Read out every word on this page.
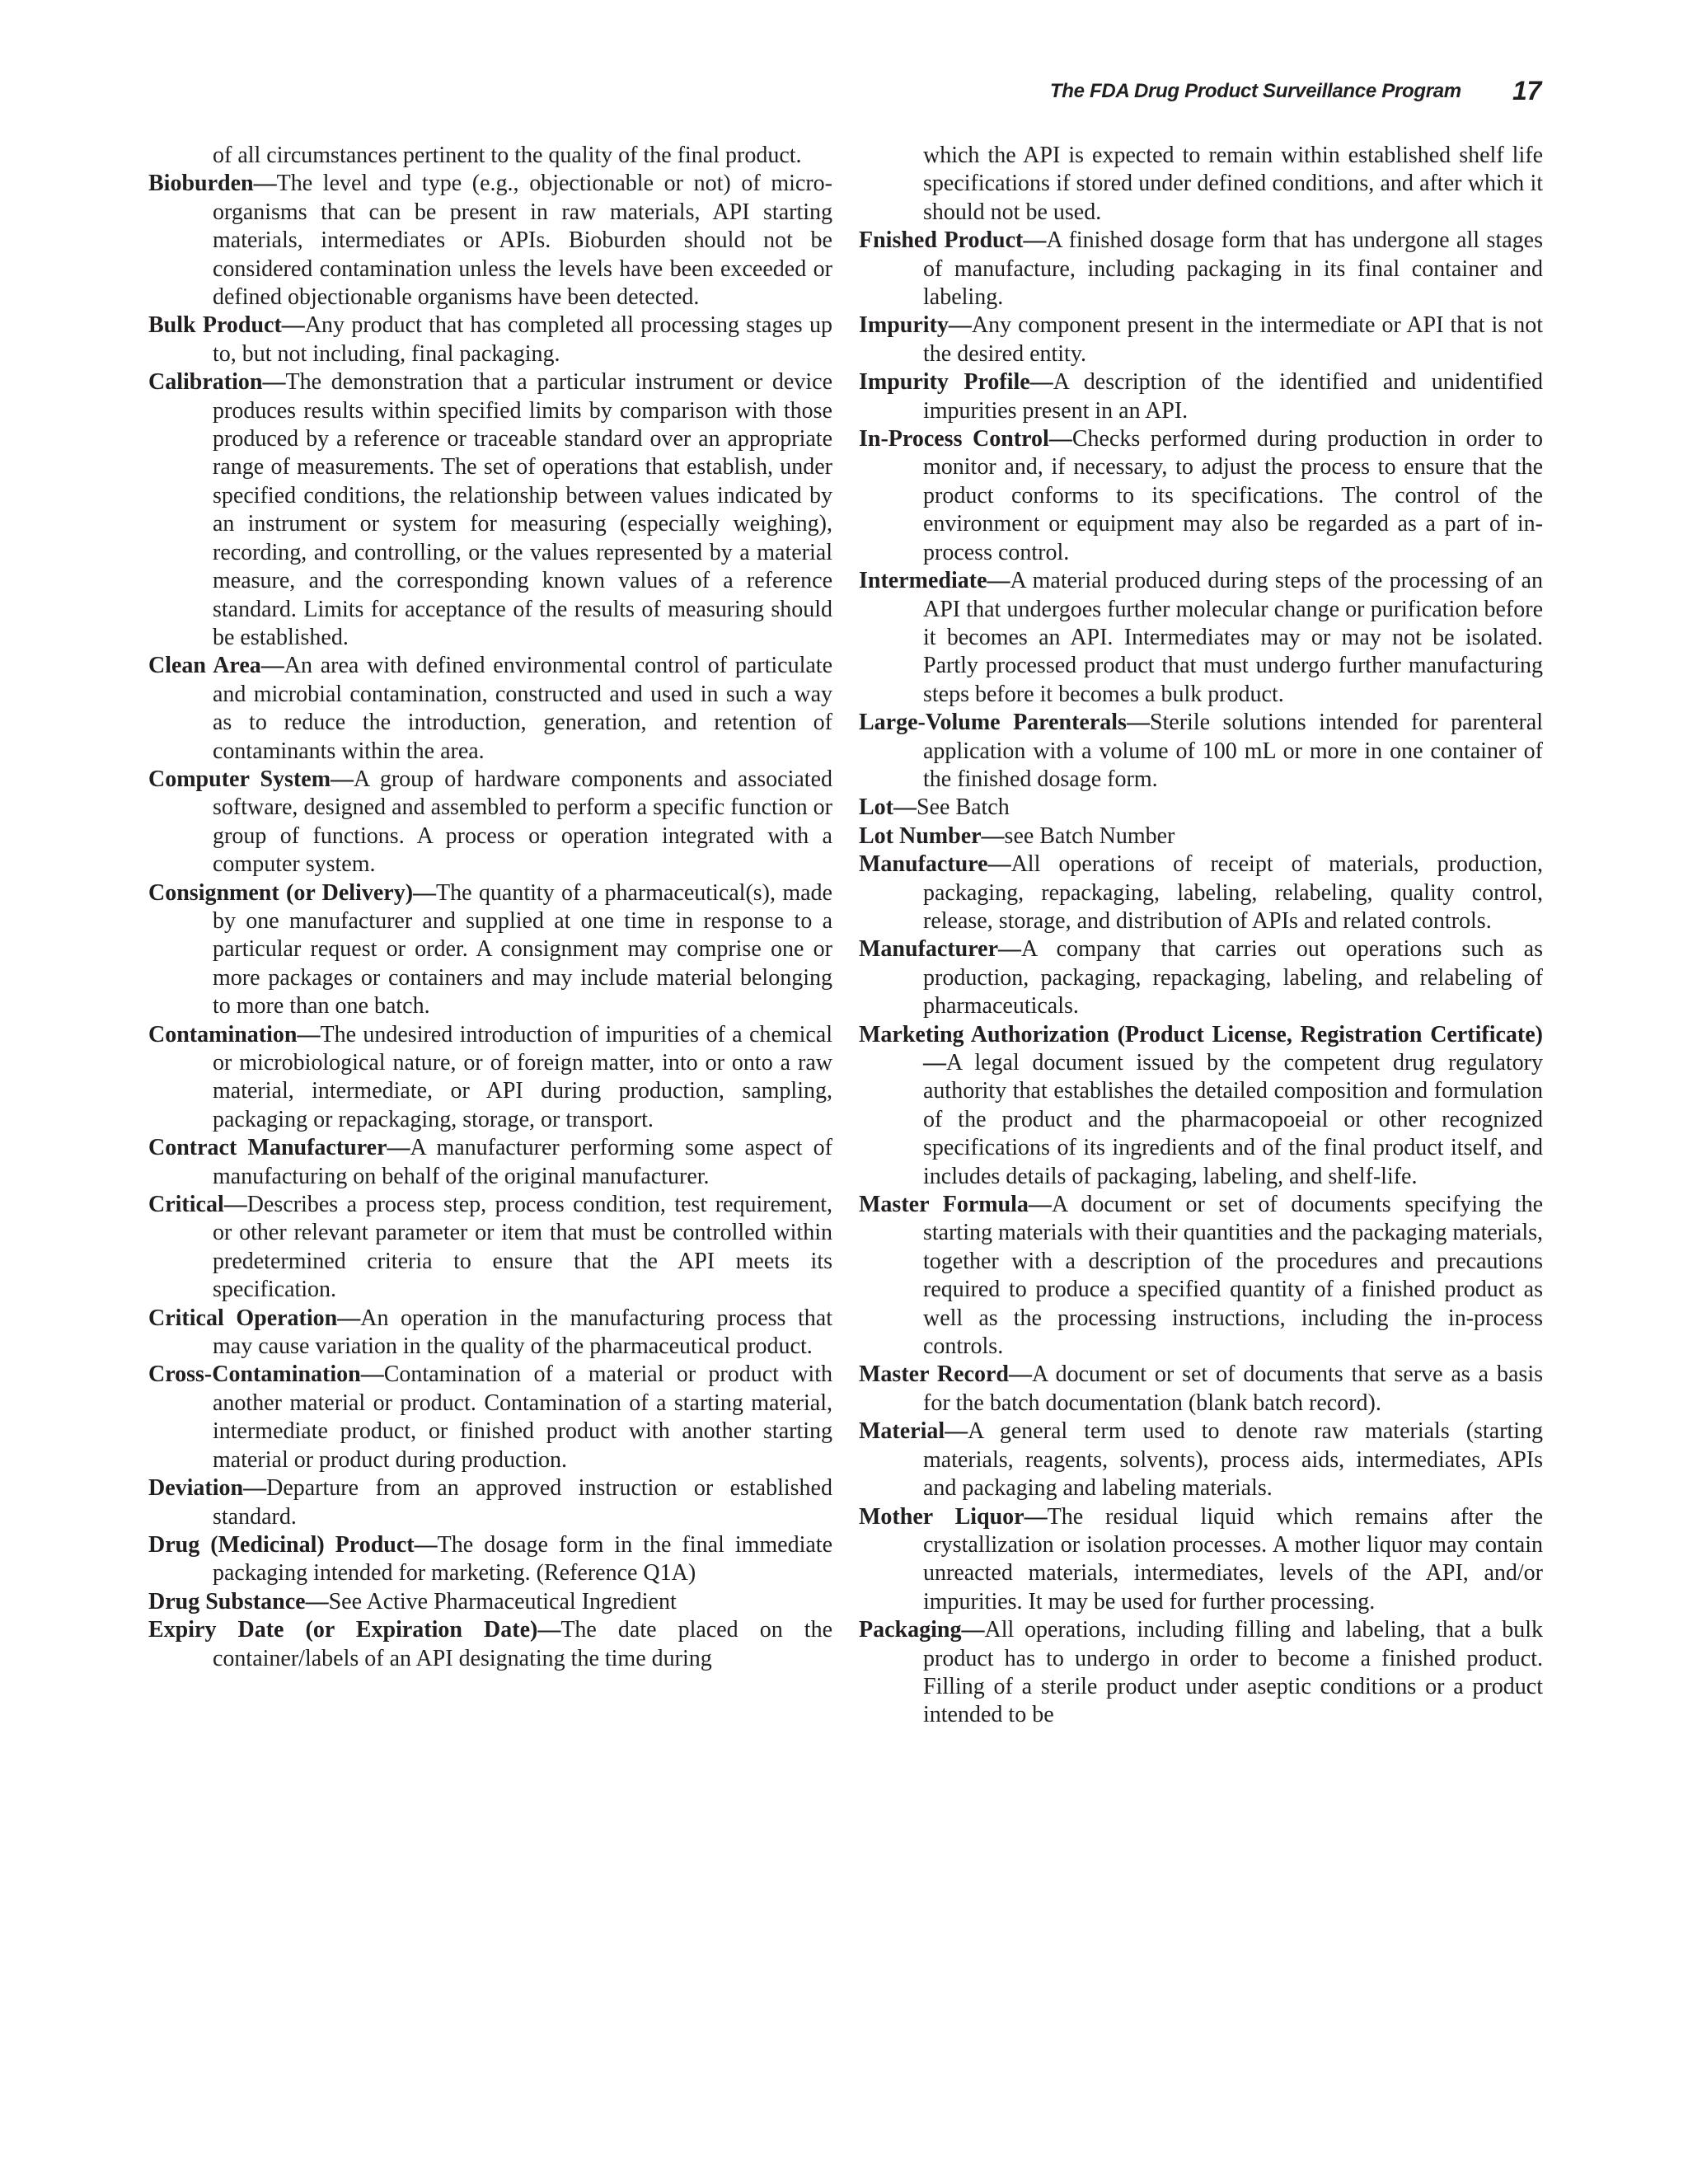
The FDA Drug Product Surveillance Program 17

of all circumstances pertinent to the quality of the final product.

Bioburden—The level and type (e.g., objectionable or not) of micro-organisms that can be present in raw materials, API starting materials, intermediates or APIs. Bioburden should not be considered contamination unless the levels have been exceeded or defined objectionable organisms have been detected.

Bulk Product—Any product that has completed all processing stages up to, but not including, final packaging.

Calibration—The demonstration that a particular instrument or device produces results within specified limits by comparison with those produced by a reference or traceable standard over an appropriate range of measurements. The set of operations that establish, under specified conditions, the relationship between values indicated by an instrument or system for measuring (especially weighing), recording, and controlling, or the values represented by a material measure, and the corresponding known values of a reference standard. Limits for acceptance of the results of measuring should be established.

Clean Area—An area with defined environmental control of particulate and microbial contamination, constructed and used in such a way as to reduce the introduction, generation, and retention of contaminants within the area.

Computer System—A group of hardware components and associated software, designed and assembled to perform a specific function or group of functions. A process or operation integrated with a computer system.

Consignment (or Delivery)—The quantity of a pharmaceutical(s), made by one manufacturer and supplied at one time in response to a particular request or order. A consignment may comprise one or more packages or containers and may include material belonging to more than one batch.

Contamination—The undesired introduction of impurities of a chemical or microbiological nature, or of foreign matter, into or onto a raw material, intermediate, or API during production, sampling, packaging or repackaging, storage, or transport.

Contract Manufacturer—A manufacturer performing some aspect of manufacturing on behalf of the original manufacturer.

Critical—Describes a process step, process condition, test requirement, or other relevant parameter or item that must be controlled within predetermined criteria to ensure that the API meets its specification.

Critical Operation—An operation in the manufacturing process that may cause variation in the quality of the pharmaceutical product.

Cross-Contamination—Contamination of a material or product with another material or product. Contamination of a starting material, intermediate product, or finished product with another starting material or product during production.

Deviation—Departure from an approved instruction or established standard.

Drug (Medicinal) Product—The dosage form in the final immediate packaging intended for marketing. (Reference Q1A)

Drug Substance—See Active Pharmaceutical Ingredient

Expiry Date (or Expiration Date)—The date placed on the container/labels of an API designating the time during

which the API is expected to remain within established shelf life specifications if stored under defined conditions, and after which it should not be used.

Fnished Product—A finished dosage form that has undergone all stages of manufacture, including packaging in its final container and labeling.

Impurity—Any component present in the intermediate or API that is not the desired entity.

Impurity Profile—A description of the identified and unidentified impurities present in an API.

In-Process Control—Checks performed during production in order to monitor and, if necessary, to adjust the process to ensure that the product conforms to its specifications. The control of the environment or equipment may also be regarded as a part of in-process control.

Intermediate—A material produced during steps of the processing of an API that undergoes further molecular change or purification before it becomes an API. Intermediates may or may not be isolated. Partly processed product that must undergo further manufacturing steps before it becomes a bulk product.

Large-Volume Parenterals—Sterile solutions intended for parenteral application with a volume of 100 mL or more in one container of the finished dosage form.

Lot—See Batch

Lot Number—see Batch Number

Manufacture—All operations of receipt of materials, production, packaging, repackaging, labeling, relabeling, quality control, release, storage, and distribution of APIs and related controls.

Manufacturer—A company that carries out operations such as production, packaging, repackaging, labeling, and relabeling of pharmaceuticals.

Marketing Authorization (Product License, Registration Certificate)—A legal document issued by the competent drug regulatory authority that establishes the detailed composition and formulation of the product and the pharmacopoeial or other recognized specifications of its ingredients and of the final product itself, and includes details of packaging, labeling, and shelf-life.

Master Formula—A document or set of documents specifying the starting materials with their quantities and the packaging materials, together with a description of the procedures and precautions required to produce a specified quantity of a finished product as well as the processing instructions, including the in-process controls.

Master Record—A document or set of documents that serve as a basis for the batch documentation (blank batch record).

Material—A general term used to denote raw materials (starting materials, reagents, solvents), process aids, intermediates, APIs and packaging and labeling materials.

Mother Liquor—The residual liquid which remains after the crystallization or isolation processes. A mother liquor may contain unreacted materials, intermediates, levels of the API, and/or impurities. It may be used for further processing.

Packaging—All operations, including filling and labeling, that a bulk product has to undergo in order to become a finished product. Filling of a sterile product under aseptic conditions or a product intended to be
